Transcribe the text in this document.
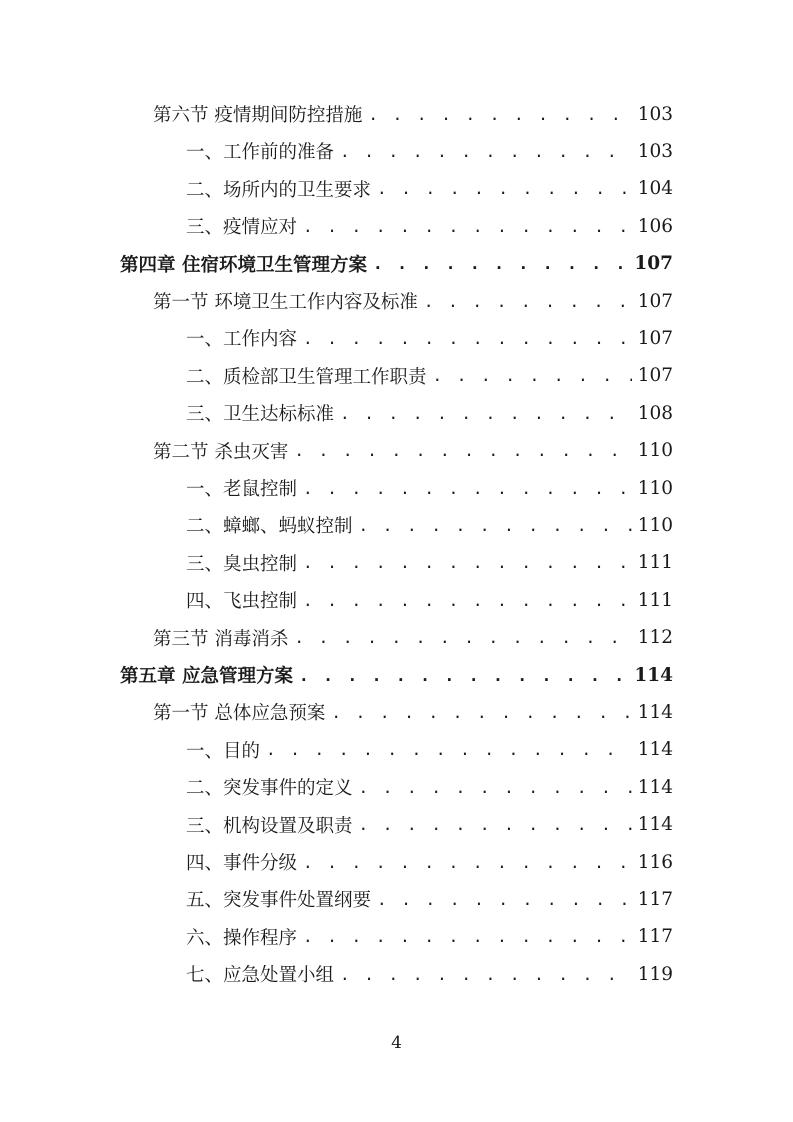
第六节 疫情期间防控措施 . . .	103
一、工作前的准备 . . .	103
二、场所内的卫生要求 . . .	104
三、疫情应对 . . .	106
第四章 住宿环境卫生管理方案 . . .	107
第一节 环境卫生工作内容及标准 . . .	107
一、工作内容 . . .	107
二、质检部卫生管理工作职责 . . .	107
三、卫生达标标准 . . .	108
第二节 杀虫灭害 . . .	110
一、老鼠控制 . . .	110
二、蟑螂、蚂蚁控制 . . .	110
三、臭虫控制 . . .	111
四、飞虫控制 . . .	111
第三节 消毒消杀 . . .	112
第五章 应急管理方案 . . .	114
第一节 总体应急预案 . . .	114
一、目的 . . .	114
二、突发事件的定义 . . .	114
三、机构设置及职责 . . .	114
四、事件分级 . . .	116
五、突发事件处置纲要 . . .	117
六、操作程序 . . .	117
七、应急处置小组 . . .	119
4
